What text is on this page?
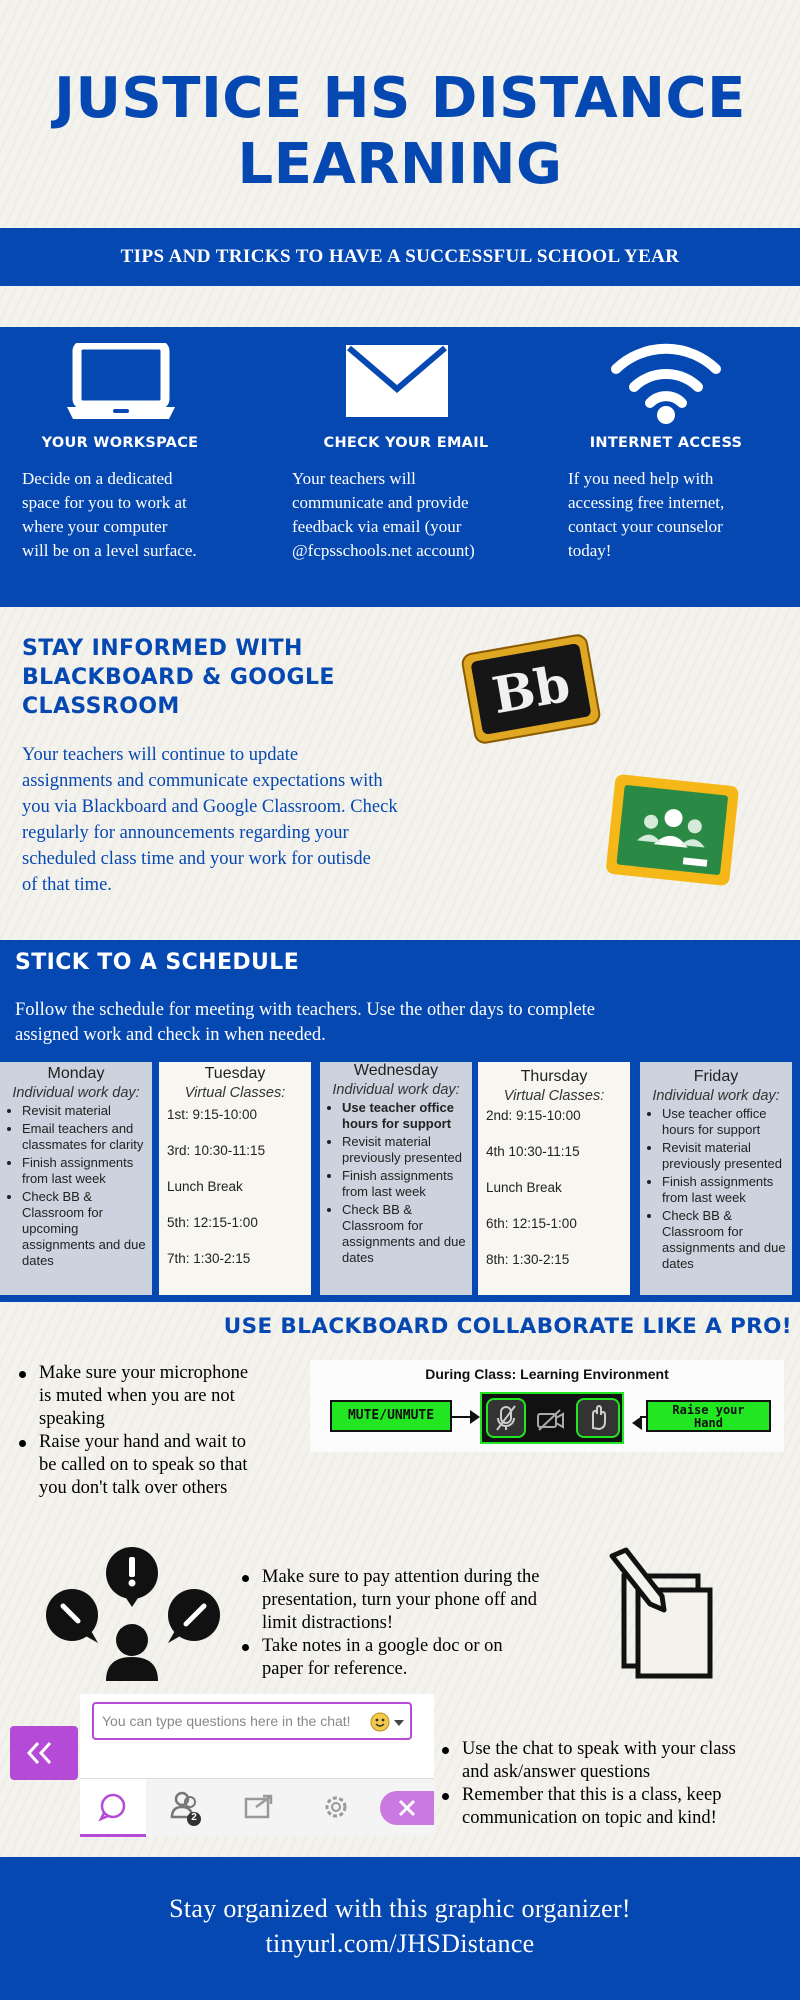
JUSTICE HS DISTANCE
LEARNING
TIPS AND TRICKS TO HAVE A SUCCESSFUL SCHOOL YEAR
YOUR WORKSPACE
Decide on a dedicated
space for you to work at
where your computer
will be on a level surface.
CHECK YOUR EMAIL
Your teachers will
communicate and provide
feedback via email (your
@fcpsschools.net account)
INTERNET ACCESS
If you need help with
accessing free internet,
contact your counselor
today!
STAY INFORMED WITH
BLACKBOARD & GOOGLE
CLASSROOM
Your teachers will continue to update
assignments and communicate expectations with
you via Blackboard and Google Classroom. Check
regularly for announcements regarding your
scheduled class time and your work for outisde
of that time.
Bb
STICK TO A SCHEDULE
Follow the schedule for meeting with teachers. Use the other days to complete
assigned work and check in when needed.
Monday
Individual work day:
• Revisit material
• Email teachers and classmates for clarity
• Finish assignments from last week
• Check BB & Classroom for upcoming assignments and due dates
Tuesday
Virtual Classes:
1st: 9:15-10:00
3rd: 10:30-11:15
Lunch Break
5th: 12:15-1:00
7th: 1:30-2:15
Wednesday
Individual work day:
• Use teacher office hours for support
• Revisit material previously presented
• Finish assignments from last week
• Check BB & Classroom for assignments and due dates
Thursday
Virtual Classes:
2nd: 9:15-10:00
4th 10:30-11:15
Lunch Break
6th: 12:15-1:00
8th: 1:30-2:15
Friday
Individual work day:
• Use teacher office hours for support
• Revisit material previously presented
• Finish assignments from last week
• Check BB & Classroom for assignments and due dates
USE BLACKBOARD COLLABORATE LIKE A PRO!
Make sure your microphone
is muted when you are not
speaking
Raise your hand and wait to
be called on to speak so that
you don't talk over others
During Class: Learning Environment
MUTE/UNMUTE	Raise your
Hand
Make sure to pay attention during the
presentation, turn your phone off and
limit distractions!
Take notes in a google doc or on
paper for reference.
You can type questions here in the chat!
2
Use the chat to speak with your class
and ask/answer questions
Remember that this is a class, keep
communication on topic and kind!
Stay organized with this graphic organizer!
tinyurl.com/JHSDistance
